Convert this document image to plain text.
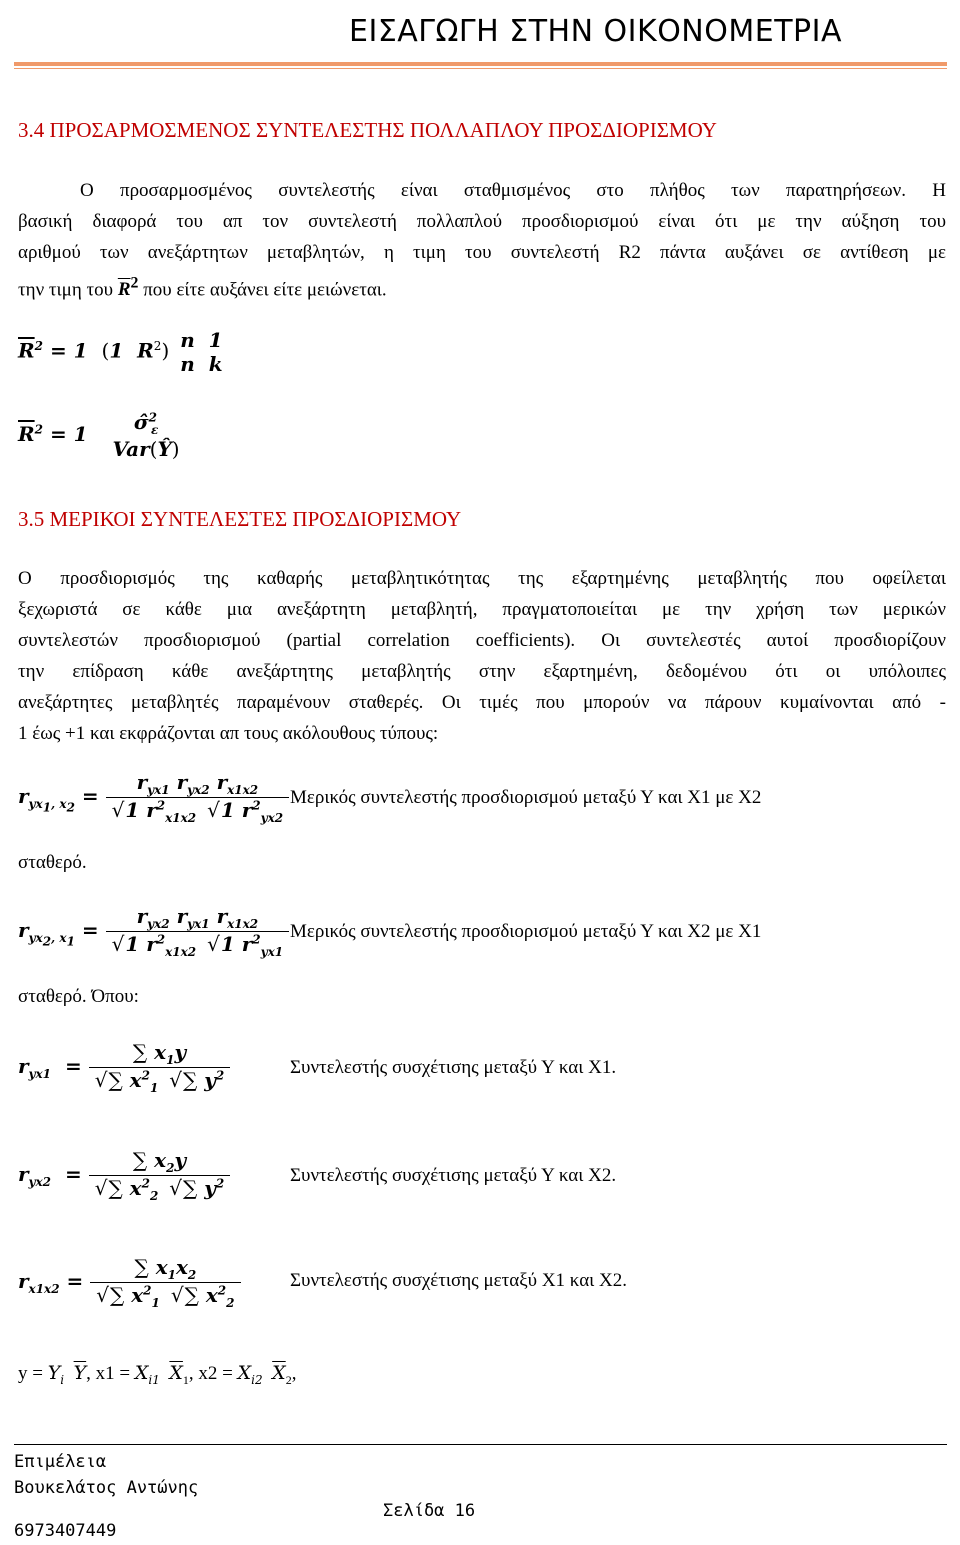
ΕΙΣΑΓΩΓΗ ΣΤΗΝ ΟΙΚΟΝΟΜΕΤΡΙΑ
3.4 ΠΡΟΣΑΡΜΟΣΜΕΝΟΣ ΣΥΝΤΕΛΕΣΤΗΣ ΠΟΛΛΑΠΛΟΥ ΠΡΟΣΔΙΟΡΙΣΜΟΥ
Ο προσαρμοσμένος συντελεστής είναι σταθμισμένος στο πλήθος των παρατηρήσεων. Η
βασική διαφορά του απ τον συντελεστή πολλαπλού προσδιορισμού είναι ότι με την αύξηση του
αριθμού των ανεξάρτητων μεταβλητών, η τιμη του συντελεστή R2 πάντα αυξάνει σε αντίθεση με
την τιμη του $\overline{R}^2$ που είτε αυξάνει είτε μειώνεται.
$\overline{R}^2 = 1$  (1  $R^2$) n  1
n  k
$\overline{R}^2 = 1$	σ̂$^2_\varepsilon$
Var(Ŷ)
3.5 ΜΕΡΙΚΟΙ ΣΥΝΤΕΛΕΣΤΕΣ ΠΡΟΣΔΙΟΡΙΣΜΟΥ
Ο προσδιορισμός της καθαρής μεταβλητικότητας της εξαρτημένης μεταβλητής που οφείλεται
ξεχωριστά σε κάθε μια ανεξάρτητη μεταβλητή, πραγματοποιείται με την χρήση των μερικών
συντελεστών προσδιορισμού (partial correlation coefficients). Οι συντελεστές αυτοί προσδιορίζουν
την επίδραση κάθε ανεξάρτητης μεταβλητής στην εξαρτημένη, δεδομένου ότι οι υπόλοιπες
ανεξάρτητες μεταβλητές παραμένουν σταθερές. Οι τιμές που μπορούν να πάρουν κυμαίνονται από -
1 έως +1 και εκφράζονται απ τους ακόλουθους τύπους:
$r_{yx_1, x_2} = r_{yx1}$ $r_{yx2}$ $r_{x1x2}$
√ 1 $r^2_{x1x2}$ √ 1 $r^2_{yx2}$ Μερικός συντελεστής προσδιορισμού μεταξύ Υ και Χ1 με Χ2
σταθερό.
$r_{yx_2, x_1} = r_{yx2}$ $r_{yx1}$ $r_{x1x2}$
√ 1 $r^2_{x1x2}$ √ 1 $r^2_{yx1}$ Μερικός συντελεστής προσδιορισμού μεταξύ Υ και Χ2 με Χ1
σταθερό. Όπου:
$r_{yx1}$  = ∑ $x_1y$
√ ∑ $x^2_1$ √ ∑ $y^2$	Συντελεστής συσχέτισης μεταξύ Υ και Χ1.
$r_{yx2}$  = ∑ $x_2y$
√ ∑ $x^2_2$ √ ∑ $y^2$	Συντελεστής συσχέτισης μεταξύ Υ και Χ2.
$r_{x1x2}$ = ∑ $x_1x_2$
√ ∑ $x^2_1$ √ ∑ $x^2_2$	Συντελεστής συσχέτισης μεταξύ Χ1 και Χ2.
$y = Y_i$ $\overline{Y}$, $x1 = X_{i1}$ $\overline{X}_1$, $x2 = X_{i2}$ $\overline{X}_2$,
Επιμέλεια
Βουκελάτος Αντώνης
6973407449
Σελίδα 16
